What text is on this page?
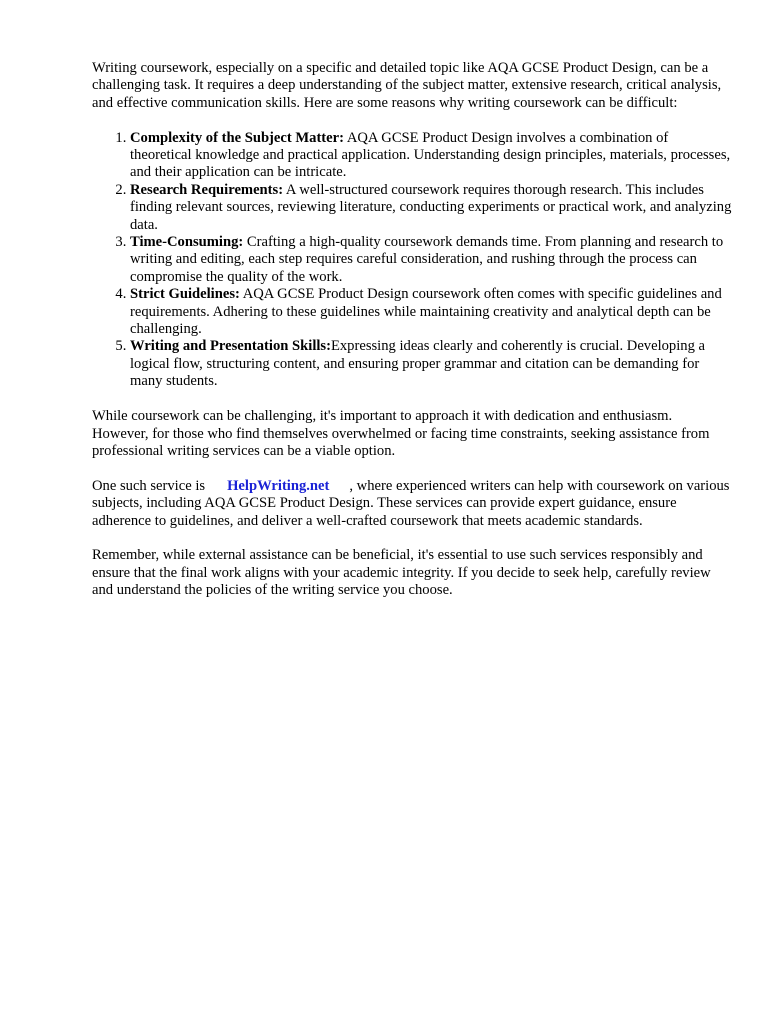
Writing coursework, especially on a specific and detailed topic like AQA GCSE Product Design, can be a challenging task. It requires a deep understanding of the subject matter, extensive research, critical analysis, and effective communication skills. Here are some reasons why writing coursework can be difficult:

1. Complexity of the Subject Matter: AQA GCSE Product Design involves a combination of theoretical knowledge and practical application. Understanding design principles, materials, processes, and their application can be intricate.
2. Research Requirements: A well-structured coursework requires thorough research. This includes finding relevant sources, reviewing literature, conducting experiments or practical work, and analyzing data.
3. Time-Consuming: Crafting a high-quality coursework demands time. From planning and research to writing and editing, each step requires careful consideration, and rushing through the process can compromise the quality of the work.
4. Strict Guidelines: AQA GCSE Product Design coursework often comes with specific guidelines and requirements. Adhering to these guidelines while maintaining creativity and analytical depth can be challenging.
5. Writing and Presentation Skills:Expressing ideas clearly and coherently is crucial. Developing a logical flow, structuring content, and ensuring proper grammar and citation can be demanding for many students.

While coursework can be challenging, it's important to approach it with dedication and enthusiasm. However, for those who find themselves overwhelmed or facing time constraints, seeking assistance from professional writing services can be a viable option.

One such service is HelpWriting.net , where experienced writers can help with coursework on various subjects, including AQA GCSE Product Design. These services can provide expert guidance, ensure adherence to guidelines, and deliver a well-crafted coursework that meets academic standards.

Remember, while external assistance can be beneficial, it's essential to use such services responsibly and ensure that the final work aligns with your academic integrity. If you decide to seek help, carefully review and understand the policies of the writing service you choose.
